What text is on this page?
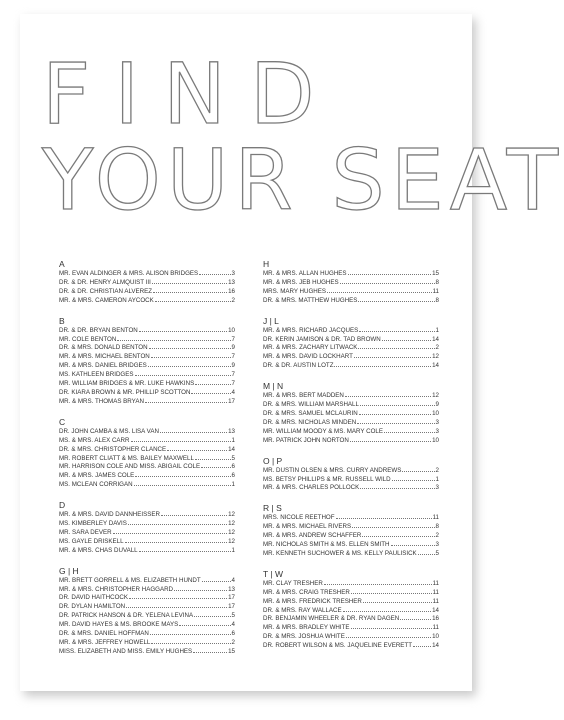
FIND
YOUR SEAT
A
MR. EVAN ALDINGER & MRS. ALISON BRIDGES	3
DR. & DR. HENRY ALMQUIST III	13
DR. & DR. CHRISTIAN ALVEREZ	16
MR. & MRS. CAMERON AYCOCK	2
B
DR. & DR. BRYAN BENTON	10
MR. COLE BENTON	7
DR. & MRS. DONALD BENTON	9
MR. & MRS. MICHAEL BENTON	7
MR. & MRS. DANIEL BRIDGES	9
MS. KATHLEEN BRIDGES	7
MR. WILLIAM BRIDGES & MR. LUKE HAWKINS	7
DR. KIARA BROWN & MR. PHILLIP SCOTTON	4
MR. & MRS. THOMAS BRYAN	17
C
DR. JOHN CAMBA & MS. LISA VAN	13
MS. & MRS. ALEX CARR	1
DR. & MRS. CHRISTOPHER CLANCE	14
MR. ROBERT CLIATT & MS. BAILEY MAXWELL	5
MR. HARRISON COLE AND MISS. ABIGAIL COLE	6
MR. & MRS. JAMES COLE	6
MS. MCLEAN CORRIGAN	1
D
MR. & MRS. DAVID DANNHEISSER	12
MS. KIMBERLEY DAVIS	12
MR. SARA DEVER	12
MS. GAYLE DRISKELL	12
MR. & MRS. CHAS DUVALL	1
G | H
MR. BRETT GORRELL & MS. ELIZABETH HUNDT	4
MR. & MRS. CHRISTOPHER HAGGARD	13
DR. DAVID HAITHCOCK	17
DR. DYLAN HAMILTON	17
DR. PATRICK HANSON & DR. YELENA LEVINA	5
MR. DAVID HAYES & MS. BROOKE MAYS	4
DR. & MRS. DANIEL HOFFMAN	6
MR. & MRS. JEFFREY HOWELL	2
MISS. ELIZABETH AND MISS. EMILY HUGHES	15
H
MR. & MRS. ALLAN HUGHES	15
MR. & MRS. JEB HUGHES	8
MRS. MARY HUGHES	11
DR. & MRS. MATTHEW HUGHES	8
J | L
MR. & MRS. RICHARD JACQUES	1
DR. KERIN JAMISON & DR. TAD BROWN	14
MR. & MRS. ZACHARY LITWACK	2
MR. & MRS. DAVID LOCKHART	12
DR. & DR. AUSTIN LOTZ	14
M | N
MR. & MRS. BERT MADDEN	12
DR. & MRS. WILLIAM MARSHALL	9
DR. & MRS. SAMUEL MCLAURIN	10
DR. & MRS. NICHOLAS MINDEN	3
MR. WILLIAM MOODY & MS. MARY COLE	3
MR. PATRICK JOHN NORTON	10
O | P
MR. DUSTIN OLSEN & MRS. CURRY ANDREWS	2
MS. BETSY PHILLIPS & MR. RUSSELL WILD	1
MR. & MRS. CHARLES POLLOCK	3
R | S
MRS. NICOLE REETHOF	11
MR. & MRS. MICHAEL RIVERS	8
MR. & MRS. ANDREW SCHAFFER	2
MR. NICHOLAS SMITH & MS. ELLEN SMITH	3
MR. KENNETH SUCHOWER & MS. KELLY PAULISICK	5
T | W
MR. CLAY TRESHER	11
MR. & MRS. CRAIG TRESHER	11
MR. & MRS. FREDRICK TRESHER	11
DR. & MRS. RAY WALLACE	14
DR. BENJAMIN WHEELER & DR. RYAN DAGEN	16
MR. & MRS. BRADLEY WHITE	11
DR. & MRS. JOSHUA WHITE	10
DR. ROBERT WILSON & MS. JAQUELINE EVERETT	14
